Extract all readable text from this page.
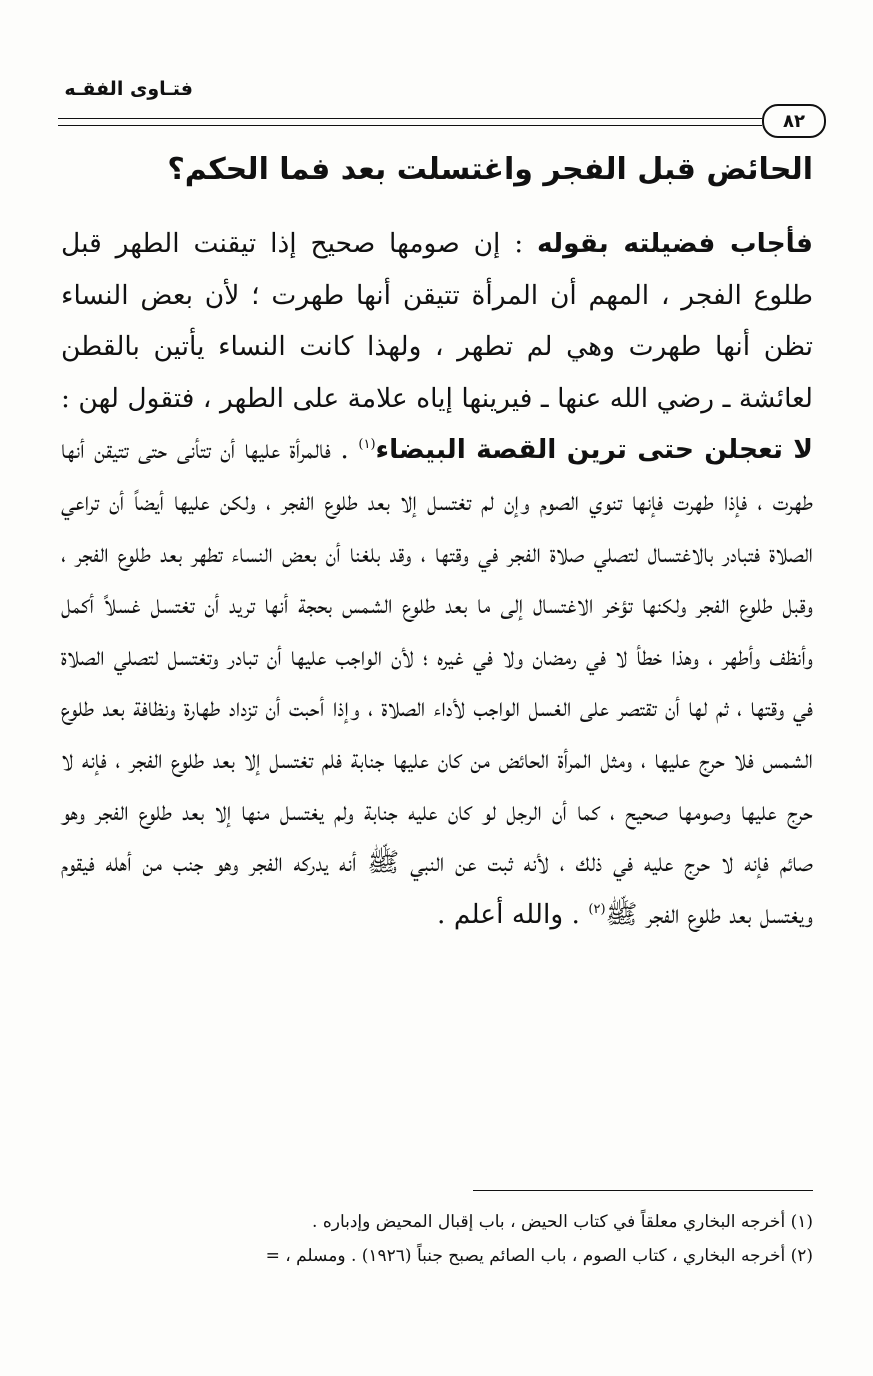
فتـاوى الفقـه
٨٢
الحائض قبل الفجر واغتسلت بعد فما الحكم؟
فأجاب فضيلته بقوله : إن صومها صحيح إذا تيقنت الطهر قبل طلوع الفجر ، المهم أن المرأة تتيقن أنها طهرت ؛ لأن بعض النساء تظن أنها طهرت وهي لم تطهر ، ولهذا كانت النساء يأتين بالقطن لعائشة ـ رضي الله عنها ـ فيرينها إياه علامة على الطهر ، فتقول لهن : لا تعجلن حتى ترين القصة البيضاء$^{(١)}$ . فالمرأة عليها أن تتأنى حتى تتيقن أنها طهرت ، فإذا طهرت فإنها تنوي الصوم وإن لم تغتسل إلا بعد طلوع الفجر ، ولكن عليها أيضاً أن تراعي الصلاة فتبادر بالاغتسال لتصلي صلاة الفجر في وقتها ، وقد بلغنا أن بعض النساء تطهر بعد طلوع الفجر ، وقبل طلوع الفجر ولكنها تؤخر الاغتسال إلى ما بعد طلوع الشمس بحجة أنها تريد أن تغتسل غسلاً أكمل وأنظف وأطهر ، وهذا خطأ لا في رمضان ولا في غيره ؛ لأن الواجب عليها أن تبادر وتغتسل لتصلي الصلاة في وقتها ، ثم لها أن تقتصر على الغسل الواجب لأداء الصلاة ، وإذا أحبت أن تزداد طهارة ونظافة بعد طلوع الشمس فلا حرج عليها ، ومثل المرأة الحائض من كان عليها جنابة فلم تغتسل إلا بعد طلوع الفجر ، فإنه لا حرج عليها وصومها صحيح ، كما أن الرجل لو كان عليه جنابة ولم يغتسل منها إلا بعد طلوع الفجر وهو صائم فإنه لا حرج عليه في ذلك ، لأنه ثبت عن النبي ﷺ أنه يدركه الفجر وهو جنب من أهله فيقوم ويغتسل بعد طلوع الفجر ﷺ$^{(٢)}$ . والله أعلم .
(١) أخرجه البخاري معلقاً في كتاب الحيض ، باب إقبال المحيض وإدباره .
(٢) أخرجه البخاري ، كتاب الصوم ، باب الصائم يصبح جنباً (١٩٢٦) . ومسلم ، =
